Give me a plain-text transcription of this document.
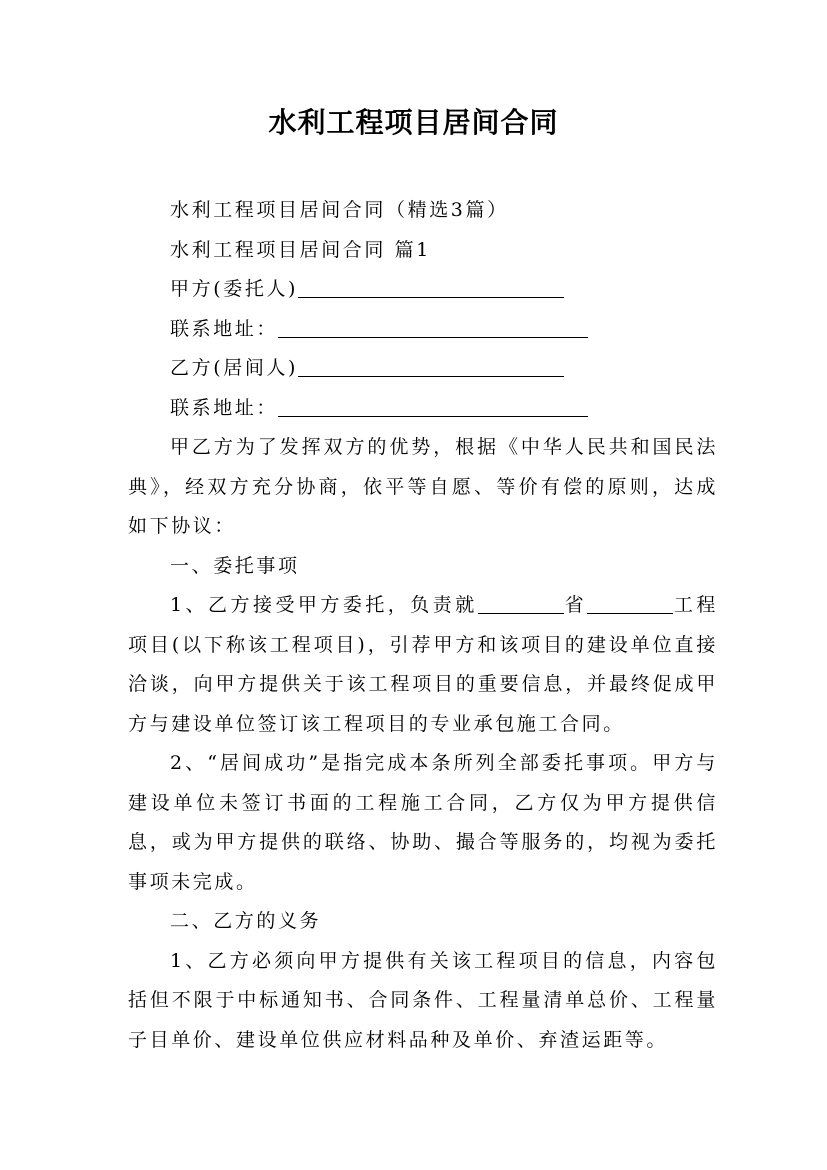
水利工程项目居间合同

水利工程项目居间合同（精选3篇）

水利工程项目居间合同 篇1

甲方(委托人)

联系地址：

乙方(居间人)

联系地址：

甲乙方为了发挥双方的优势，根据《中华人民共和国民法典》，经双方充分协商，依平等自愿、等价有偿的原则，达成如下协议：

一、委托事项

1、乙方接受甲方委托，负责就	省	工程项目(以下称该工程项目)，引荐甲方和该项目的建设单位直接洽谈，向甲方提供关于该工程项目的重要信息，并最终促成甲方与建设单位签订该工程项目的专业承包施工合同。

2、“居间成功”是指完成本条所列全部委托事项。甲方与建设单位未签订书面的工程施工合同，乙方仅为甲方提供信息，或为甲方提供的联络、协助、撮合等服务的，均视为委托事项未完成。

二、乙方的义务

1、乙方必须向甲方提供有关该工程项目的信息，内容包括但不限于中标通知书、合同条件、工程量清单总价、工程量子目单价、建设单位供应材料品种及单价、弃渣运距等。
